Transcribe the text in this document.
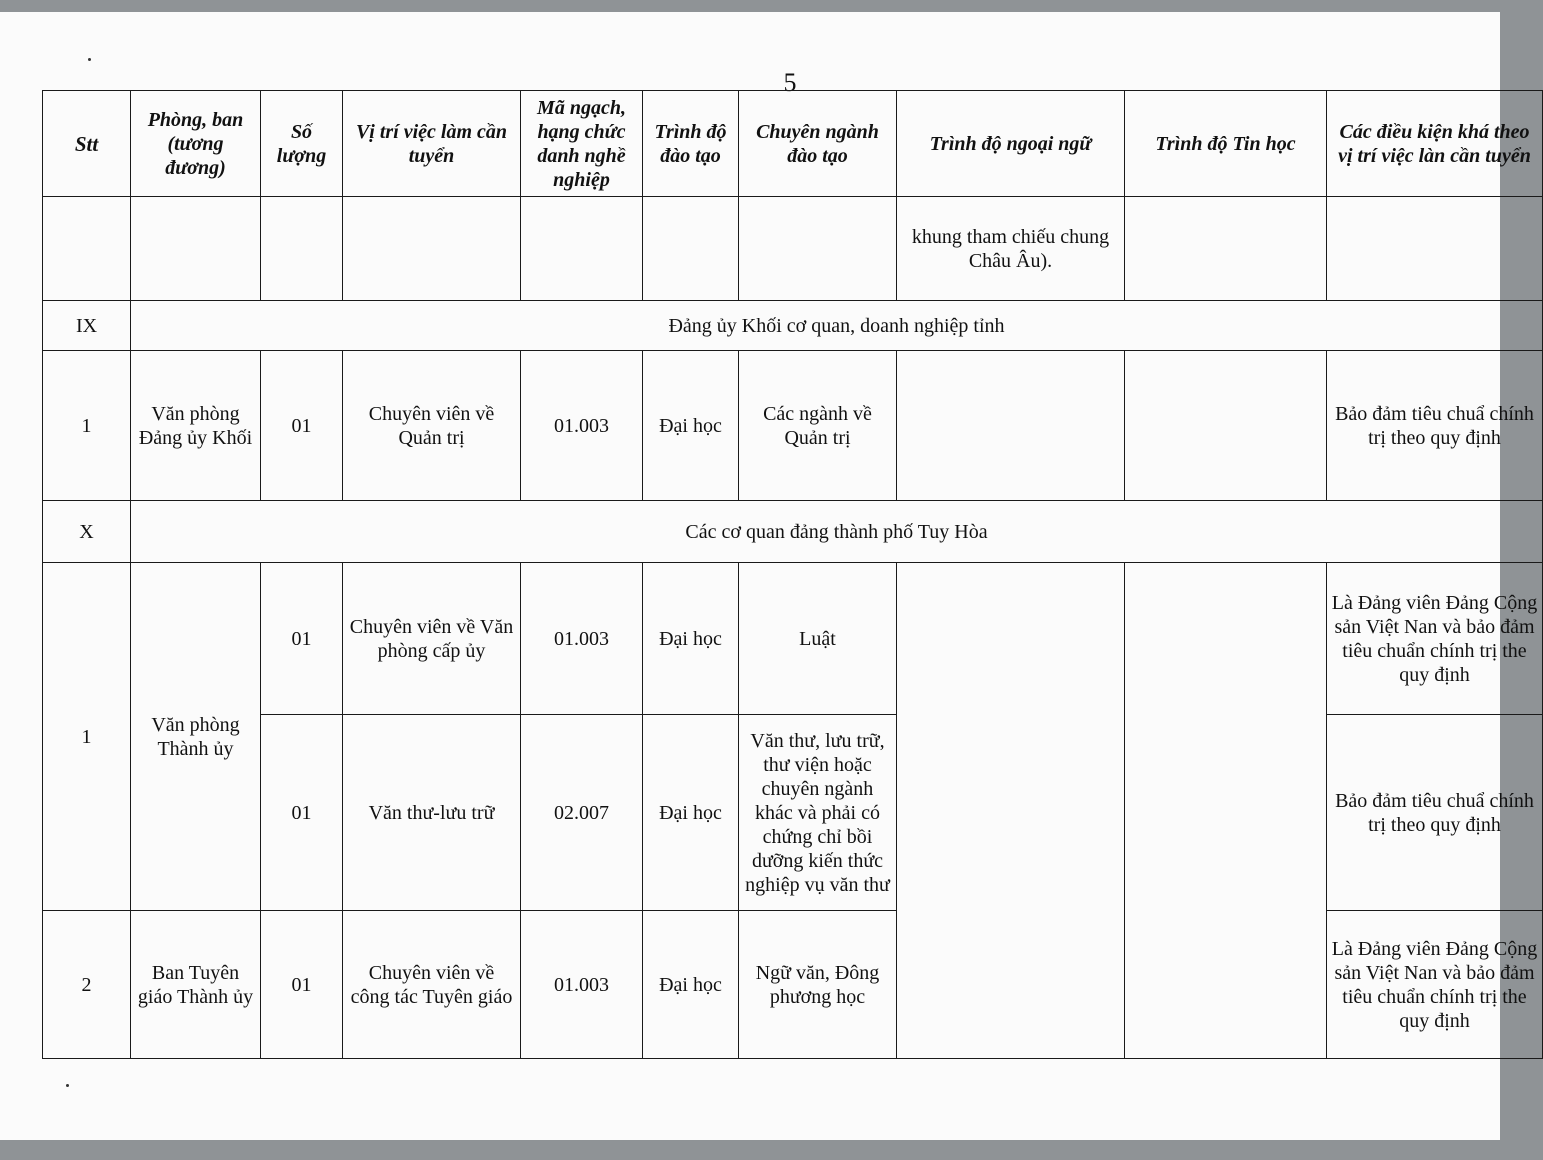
5
Stt	Phòng, ban (tương đương)	Số lượng	Vị trí việc làm cần tuyển	Mã ngạch, hạng chức danh nghề nghiệp	Trình độ đào tạo	Chuyên ngành đào tạo	Trình độ ngoại ngữ	Trình độ Tin học	Các điều kiện khá theo vị trí việc làn cần tuyển
							khung tham chiếu chung Châu Âu).		
IX	Đảng ủy Khối cơ quan, doanh nghiệp tỉnh								
1	Văn phòng Đảng ủy Khối	01	Chuyên viên về Quản trị	01.003	Đại học	Các ngành về Quản trị			Bảo đảm tiêu chuẩ chính trị theo quy định
X	Các cơ quan đảng thành phố Tuy Hòa								
1	Văn phòng Thành ủy	01	Chuyên viên về Văn phòng cấp ủy	01.003	Đại học	Luật			Là Đảng viên Đảng Cộng sản Việt Nan và bảo đảm tiêu chuẩn chính trị the quy định
		01	Văn thư-lưu trữ	02.007	Đại học	Văn thư, lưu trữ, thư viện hoặc chuyên ngành khác và phải có chứng chỉ bồi dưỡng kiến thức nghiệp vụ văn thư			Bảo đảm tiêu chuẩ chính trị theo quy định
2	Ban Tuyên giáo Thành ủy	01	Chuyên viên về công tác Tuyên giáo	01.003	Đại học	Ngữ văn, Đông phương học			Là Đảng viên Đảng Cộng sản Việt Nan và bảo đảm tiêu chuẩn chính trị the quy định
